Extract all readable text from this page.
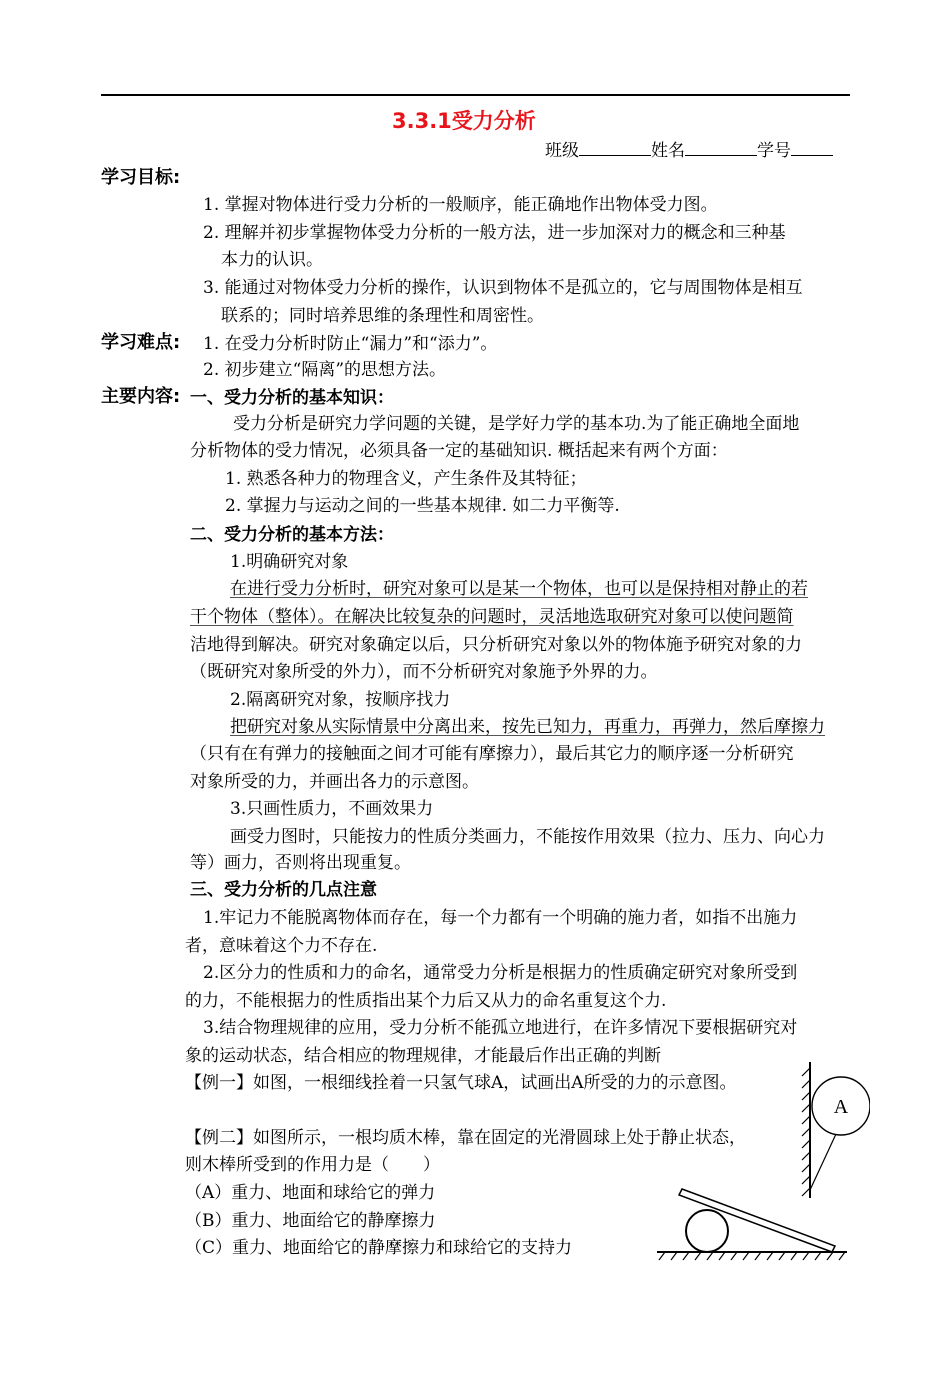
3.3.1受力分析
班级	姓名	学号
学习目标:
1. 掌握对物体进行受力分析的一般顺序，能正确地作出物体受力图。
2. 理解并初步掌握物体受力分析的一般方法，进一步加深对力的概念和三种基
本力的认识。
3. 能通过对物体受力分析的操作，认识到物体不是孤立的，它与周围物体是相互
联系的；同时培养思维的条理性和周密性。
学习难点: 1. 在受力分析时防止“漏力”和“添力”。
2. 初步建立“隔离”的思想方法。
主要内容: 一、受力分析的基本知识：
受力分析是研究力学问题的关键，是学好力学的基本功.为了能正确地全面地
分析物体的受力情况，必须具备一定的基础知识. 概括起来有两个方面：
1. 熟悉各种力的物理含义，产生条件及其特征；
2. 掌握力与运动之间的一些基本规律. 如二力平衡等.
二、受力分析的基本方法：
1.明确研究对象
在进行受力分析时，研究对象可以是某一个物体，也可以是保持相对静止的若
干个物体（整体）。在解决比较复杂的问题时，灵活地选取研究对象可以使问题简
洁地得到解决。研究对象确定以后，只分析研究对象以外的物体施予研究对象的力
（既研究对象所受的外力），而不分析研究对象施予外界的力。
2.隔离研究对象，按顺序找力
把研究对象从实际情景中分离出来，按先已知力，再重力，再弹力，然后摩擦力
（只有在有弹力的接触面之间才可能有摩擦力），最后其它力的顺序逐一分析研究
对象所受的力，并画出各力的示意图。
3.只画性质力，不画效果力
画受力图时，只能按力的性质分类画力，不能按作用效果（拉力、压力、向心力
等）画力，否则将出现重复。
三、受力分析的几点注意
1.牢记力不能脱离物体而存在，每一个力都有一个明确的施力者，如指不出施力
者，意味着这个力不存在.
2.区分力的性质和力的命名，通常受力分析是根据力的性质确定研究对象所受到
的力，不能根据力的性质指出某个力后又从力的命名重复这个力.
3.结合物理规律的应用，受力分析不能孤立地进行，在许多情况下要根据研究对
象的运动状态，结合相应的物理规律，才能最后作出正确的判断
【例一】如图，一根细线拴着一只氢气球A，试画出A所受的力的示意图。
【例二】如图所示，一根均质木棒，靠在固定的光滑圆球上处于静止状态，
则木棒所受到的作用力是（　　）
（A）重力、地面和球给它的弹力
（B）重力、地面给它的静摩擦力
（C）重力、地面给它的静摩擦力和球给它的支持力
A
